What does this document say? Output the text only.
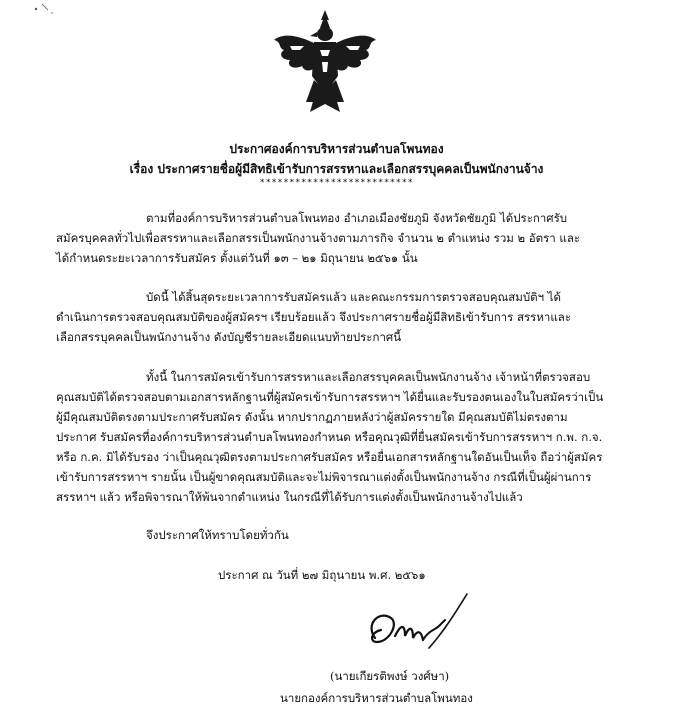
ประกาศองค์การบริหารส่วนตำบลโพนทอง
เรื่อง ประกาศรายชื่อผู้มีสิทธิเข้ารับการสรรหาและเลือกสรรบุคคลเป็นพนักงานจ้าง
**************************
ตามที่องค์การบริหารส่วนตำบลโพนทอง อำเภอเมืองชัยภูมิ จังหวัดชัยภูมิ ได้ประกาศรับ
สมัครบุคคลทั่วไปเพื่อสรรหาและเลือกสรรเป็นพนักงานจ้างตามภารกิจ จำนวน ๒ ตำแหน่ง รวม ๒ อัตรา และ
ได้กำหนดระยะเวลาการรับสมัคร ตั้งแต่วันที่ ๑๓ – ๒๑ มิถุนายน ๒๕๖๑ นั้น
บัดนี้ ได้สิ้นสุดระยะเวลาการรับสมัครแล้ว และคณะกรรมการตรวจสอบคุณสมบัติฯ ได้
ดำเนินการตรวจสอบคุณสมบัติของผู้สมัครฯ เรียบร้อยแล้ว จึงประกาศรายชื่อผู้มีสิทธิเข้ารับการ สรรหาและ
เลือกสรรบุคคลเป็นพนักงานจ้าง ดังบัญชีรายละเอียดแนบท้ายประกาศนี้
ทั้งนี้ ในการสมัครเข้ารับการสรรหาและเลือกสรรบุคคลเป็นพนักงานจ้าง เจ้าหน้าที่ตรวจสอบ
คุณสมบัติได้ตรวจสอบตามเอกสารหลักฐานที่ผู้สมัครเข้ารับการสรรหาฯ ได้ยื่นและรับรองตนเองในใบสมัครว่าเป็น
ผู้มีคุณสมบัติตรงตามประกาศรับสมัคร ดังนั้น หากปรากฏภายหลังว่าผู้สมัครรายใด มีคุณสมบัติไม่ตรงตาม
ประกาศ รับสมัครที่องค์การบริหารส่วนตำบลโพนทองกำหนด หรือคุณวุฒิที่ยื่นสมัครเข้ารับการสรรหาฯ ก.พ. ก.จ.
หรือ ก.ค. มิได้รับรอง ว่าเป็นคุณวุฒิตรงตามประกาศรับสมัคร หรือยื่นเอกสารหลักฐานใดอันเป็นเท็จ ถือว่าผู้สมัคร
เข้ารับการสรรหาฯ รายนั้น เป็นผู้ขาดคุณสมบัติและจะไม่พิจารณาแต่งตั้งเป็นพนักงานจ้าง กรณีที่เป็นผู้ผ่านการ
สรรหาฯ แล้ว หรือพิจารณาให้พ้นจากตำแหน่ง ในกรณีที่ได้รับการแต่งตั้งเป็นพนักงานจ้างไปแล้ว
จึงประกาศให้ทราบโดยทั่วกัน
ประกาศ ณ วันที่ ๒๗ มิถุนายน พ.ศ. ๒๕๖๑
(นายเกียรติพงษ์ วงศ์ษา)
นายกองค์การบริหารส่วนตำบลโพนทอง
